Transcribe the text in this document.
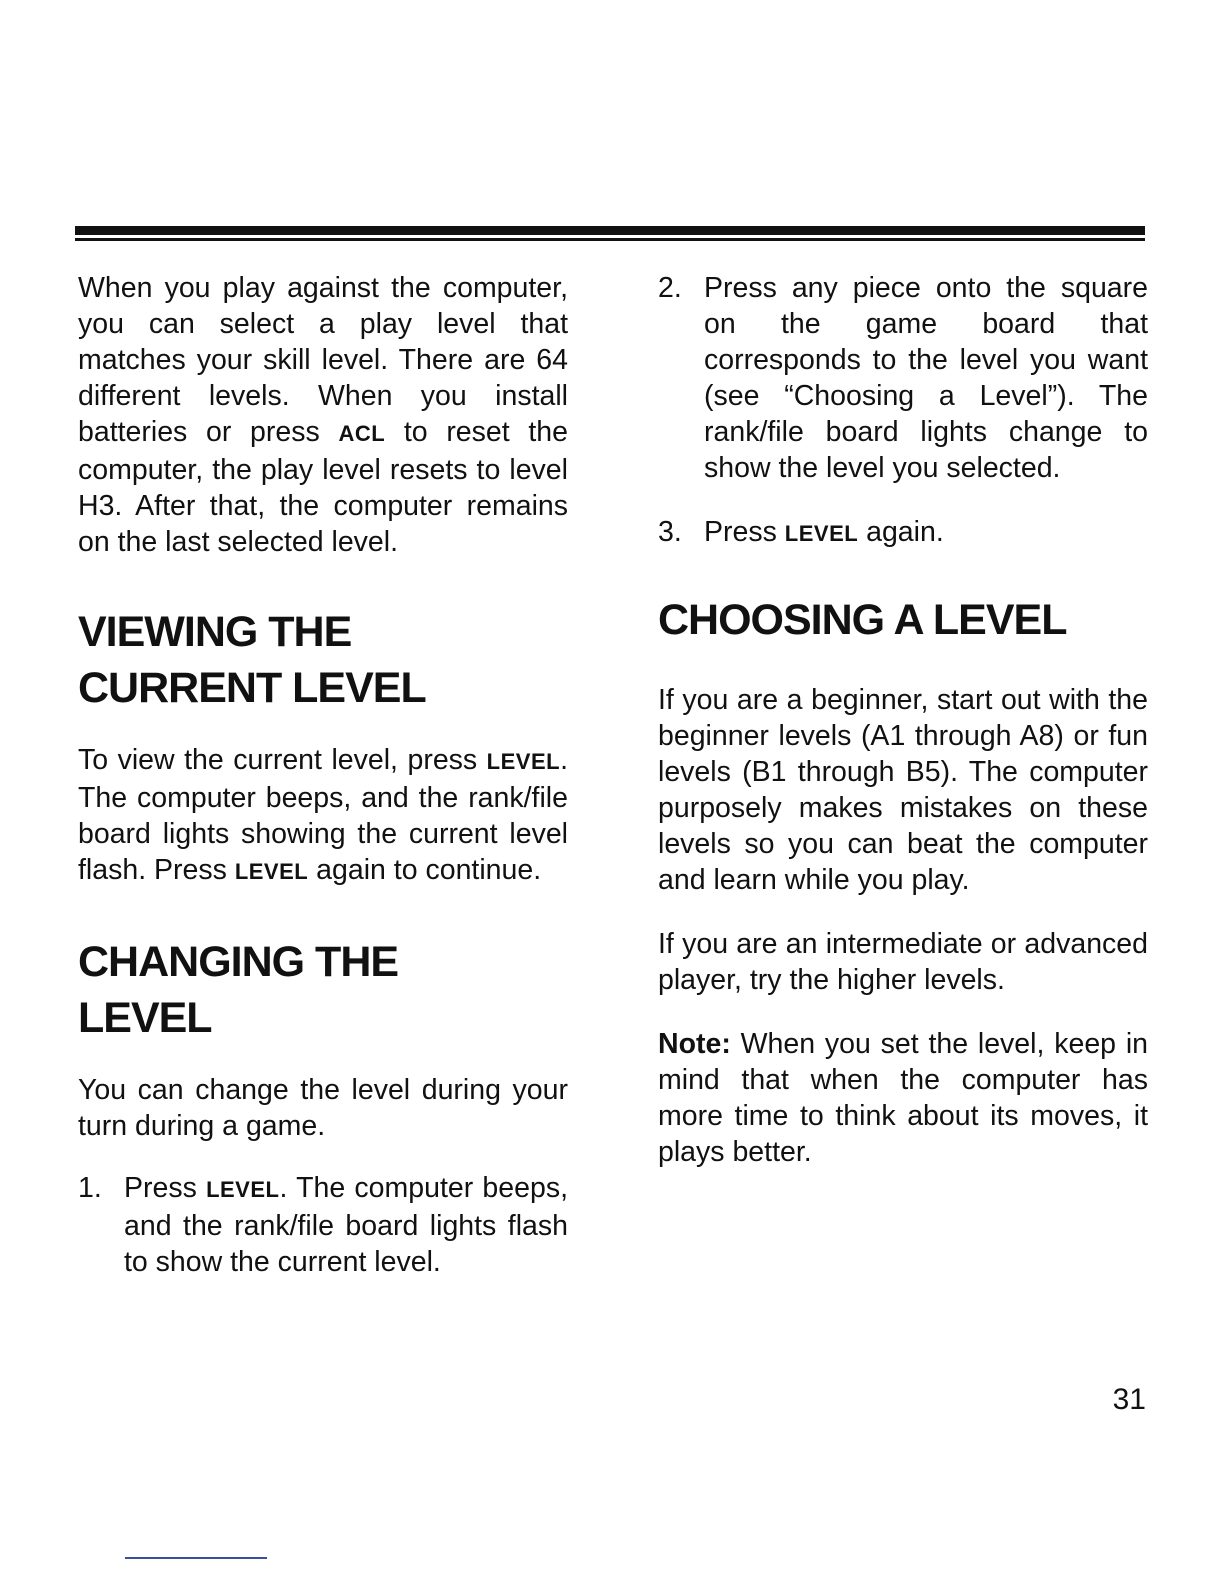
When you play against the computer, you can select a play level that matches your skill level. There are 64 different levels. When you install batteries or press ACL to reset the computer, the play level resets to level H3. After that, the computer remains on the last selected level.

VIEWING THE
CURRENT LEVEL

To view the current level, press LEVEL. The computer beeps, and the rank/file board lights showing the current level flash. Press LEVEL again to continue.

CHANGING THE
LEVEL

You can change the level during your turn during a game.

1. Press LEVEL. The computer beeps, and the rank/file board lights flash to show the current level.

2. Press any piece onto the square on the game board that corresponds to the level you want (see “Choosing a Level”). The rank/file board lights change to show the level you selected.

3. Press LEVEL again.

CHOOSING A LEVEL

If you are a beginner, start out with the beginner levels (A1 through A8) or fun levels (B1 through B5). The computer purposely makes mistakes on these levels so you can beat the computer and learn while you play.

If you are an intermediate or advanced player, try the higher levels.

Note: When you set the level, keep in mind that when the computer has more time to think about its moves, it plays better.

31
